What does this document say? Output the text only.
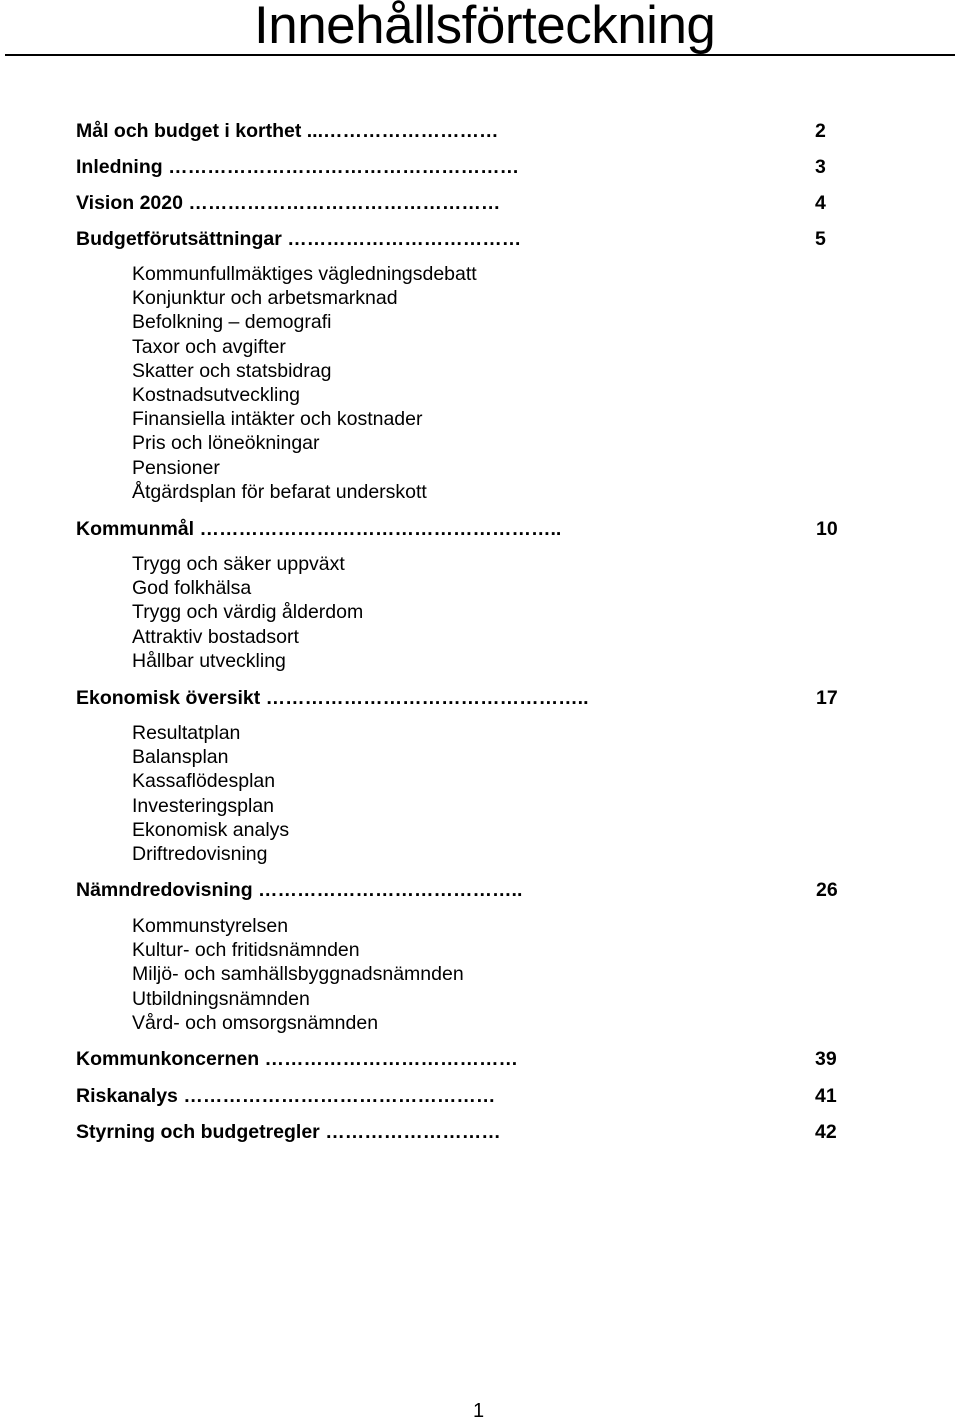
Innehållsförteckning
Mål och budget i korthet ...………………………	2
Inledning ………………………………………………	3
Vision 2020 …………………………………………	4
Budgetförutsättningar ………………………………	5
Kommunfullmäktiges vägledningsdebatt
Konjunktur och arbetsmarknad
Befolkning – demografi
Taxor och avgifter
Skatter och statsbidrag
Kostnadsutveckling
Finansiella intäkter och kostnader
Pris och löneökningar
Pensioner
Åtgärdsplan för befarat underskott
Kommunmål ………………………………………………..	10
Trygg och säker uppväxt
God folkhälsa
Trygg och värdig ålderdom
Attraktiv bostadsort
Hållbar utveckling
Ekonomisk översikt …………………………………………..	17
Resultatplan
Balansplan
Kassaflödesplan
Investeringsplan
Ekonomisk analys
Driftredovisning
Nämndredovisning …………………………………..	26
Kommunstyrelsen
Kultur- och fritidsnämnden
Miljö- och samhällsbyggnadsnämnden
Utbildningsnämnden
Vård- och omsorgsnämnden
Kommunkoncernen …………………………………	39
Riskanalys …………………………………………	41
Styrning och budgetregler ………………………	42
1
